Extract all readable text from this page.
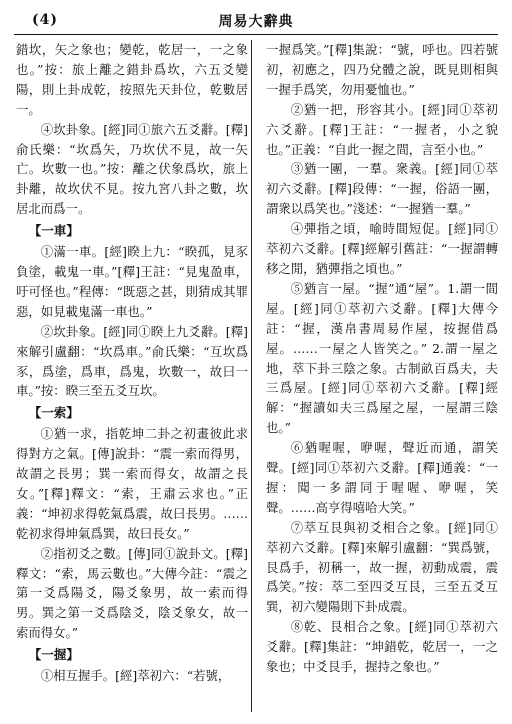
(4)	周易大辭典
錯坎，矢之象也；變乾，乾居一，一之象也。”按：旅上離之錯卦爲坎，六五爻變陽，則上卦成乾，按照先天卦位，乾數居一。
④坎卦象。[經]同①旅六五爻辭。[釋]俞氏樂：“坎爲矢，乃坎伏不見，故一矢亡。坎數一也。”按：離之伏象爲坎，旅上卦離，故坎伏不見。按九宮八卦之數，坎居北而爲一。
【一車】
①滿一車。[經]睽上九：“睽孤，見豕負塗，載鬼一車。”[釋]王註：“見鬼盈車，吁可怪也。”程傳：“既惡之甚，則猜成其罪惡，如見載鬼滿一車也。”
②坎卦象。[經]同①睽上九爻辭。[釋]來解引盧翻：“坎爲車。”俞氏樂：“互坎爲豕，爲塗，爲車，爲鬼，坎數一，故曰一車。”按：睽三至五爻互坎。
【一索】
①猶一求，指乾坤二卦之初畫彼此求得對方之氣。[傳]說卦：“震一索而得男，故謂之長男；巽一索而得女，故謂之長女。”[釋]釋文：“索，王肅云求也。”正義：“坤初求得乾氣爲震，故曰長男。……乾初求得坤氣爲巽，故曰長女。”
②指初爻之數。[傳]同①說卦文。[釋]釋文：“索，馬云數也。”大傳今註：“震之第一爻爲陽爻，陽爻象男，故一索而得男。巽之第一爻爲陰爻，陰爻象女，故一索而得女。”
【一握】
①相互握手。[經]萃初六：“若號，
一握爲笑。”[釋]集說：“號，呼也。四若號初，初應之，四乃兌體之說，既見則相與一握手爲笑，勿用憂恤也。”
②猶一把，形容其小。[經]同①萃初六爻辭。[釋]王註：“一握者，小之貌也。”正義：“自此一握之間，言至小也。”
③猶一團，一羣。衆義。[經]同①萃初六爻辭。[釋]段傳：“一握，俗語一團，謂衆以爲笑也。”淺述：“一握猶一羣。”
④彈指之頃，喻時間短促。[經]同①萃初六爻辭。[釋]經解引舊註：“一握謂轉移之閒，猶彈指之頃也。”
⑤猶言一屋。“握”通“屋”。1.謂一間屋。[經]同①萃初六爻辭。[釋]大傳今註：“握，漢帛書周易作屋，按握借爲屋。……一屋之人皆笑之。” 2.謂一屋之地，萃下卦三陰之象。古制畝百爲夫，夫三爲屋。[經]同①萃初六爻辭。[釋]經解：“握讀如夫三爲屋之屋，一屋謂三陰也。”
⑥猶喔喔，咿喔，聲近而通，謂笑聲。[經]同①萃初六爻辭。[釋]通義：“一握：聞一多謂同于喔喔、咿喔，笑聲。……高亨得嘻哈大笑。”
⑦萃互艮與初爻相合之象。[經]同①萃初六爻辭。[釋]來解引盧翻：“巽爲號，艮爲手，初稱一，故一握，初動成震，震爲笑。”按：萃二至四爻互艮，三至五爻互巽，初六變陽則下卦成震。
⑧乾、艮相合之象。[經]同①萃初六爻辭。[釋]集註：“坤錯乾，乾居一，一之象也；中爻艮手，握持之象也。”
